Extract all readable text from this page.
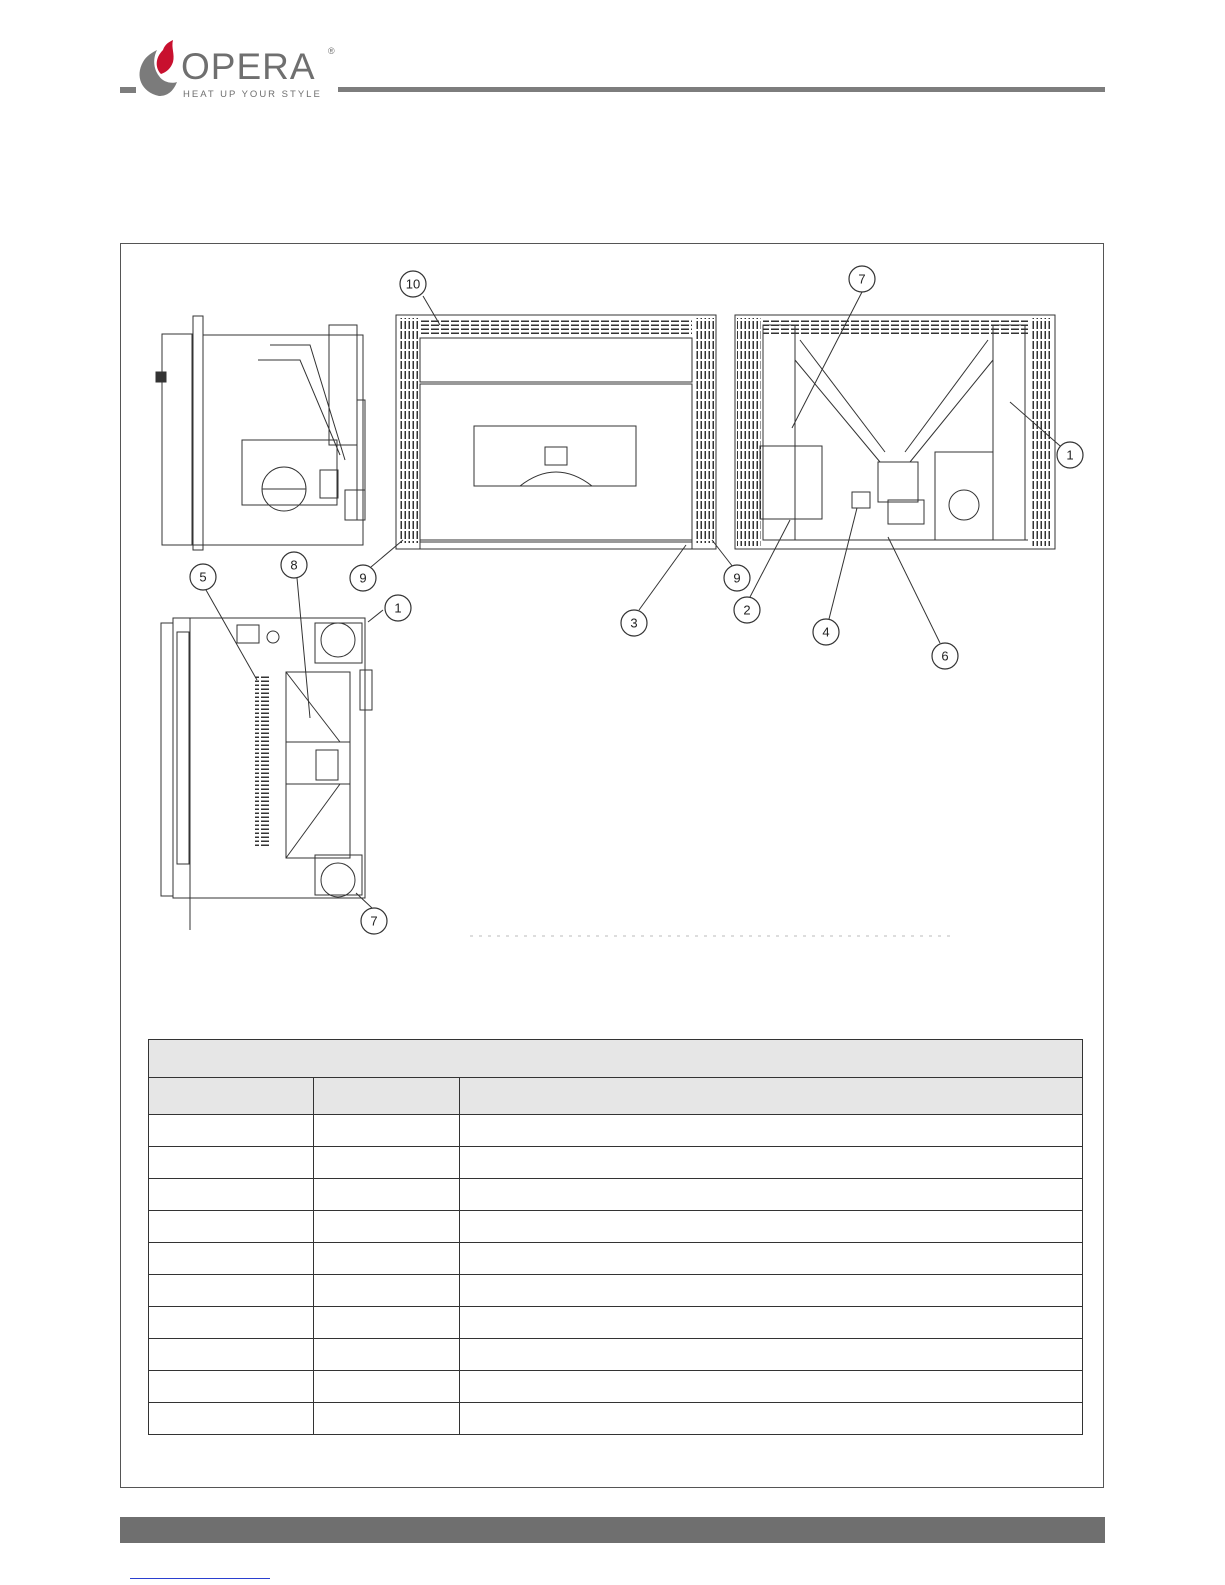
OPERA ®
HEAT UP YOUR STYLE
10	7
1
1
5
8
7
9	9
3
2
4
6
